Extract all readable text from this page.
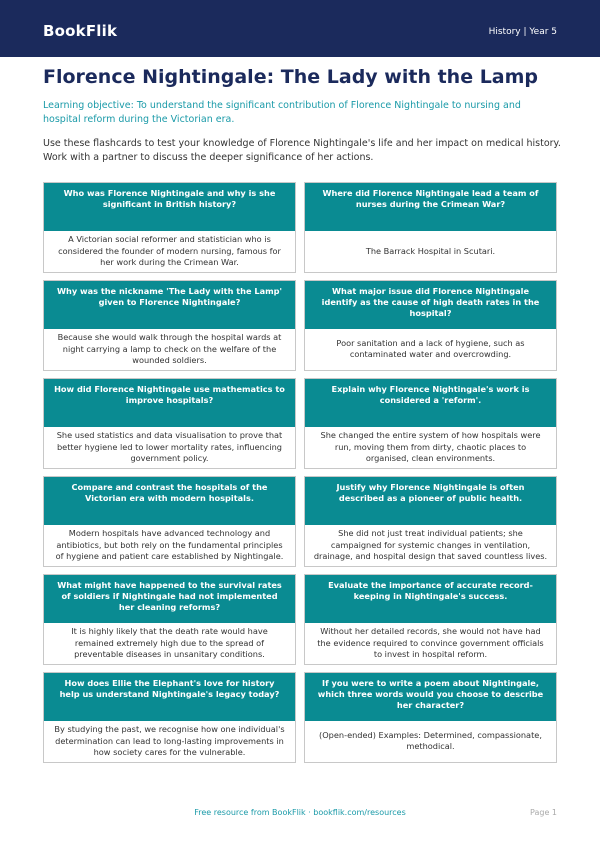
BookFlik	History | Year 5
Florence Nightingale: The Lady with the Lamp
Learning objective: To understand the significant contribution of Florence Nightingale to nursing and hospital reform during the Victorian era.
Use these flashcards to test your knowledge of Florence Nightingale's life and her impact on medical history. Work with a partner to discuss the deeper significance of her actions.
Who was Florence Nightingale and why is she significant in British history?
A Victorian social reformer and statistician who is considered the founder of modern nursing, famous for her work during the Crimean War.
Where did Florence Nightingale lead a team of nurses during the Crimean War?
The Barrack Hospital in Scutari.
Why was the nickname 'The Lady with the Lamp' given to Florence Nightingale?
Because she would walk through the hospital wards at night carrying a lamp to check on the welfare of the wounded soldiers.
What major issue did Florence Nightingale identify as the cause of high death rates in the hospital?
Poor sanitation and a lack of hygiene, such as contaminated water and overcrowding.
How did Florence Nightingale use mathematics to improve hospitals?
She used statistics and data visualisation to prove that better hygiene led to lower mortality rates, influencing government policy.
Explain why Florence Nightingale's work is considered a 'reform'.
She changed the entire system of how hospitals were run, moving them from dirty, chaotic places to organised, clean environments.
Compare and contrast the hospitals of the Victorian era with modern hospitals.
Modern hospitals have advanced technology and antibiotics, but both rely on the fundamental principles of hygiene and patient care established by Nightingale.
Justify why Florence Nightingale is often described as a pioneer of public health.
She did not just treat individual patients; she campaigned for systemic changes in ventilation, drainage, and hospital design that saved countless lives.
What might have happened to the survival rates of soldiers if Nightingale had not implemented her cleaning reforms?
It is highly likely that the death rate would have remained extremely high due to the spread of preventable diseases in unsanitary conditions.
Evaluate the importance of accurate record-keeping in Nightingale's success.
Without her detailed records, she would not have had the evidence required to convince government officials to invest in hospital reform.
How does Ellie the Elephant's love for history help us understand Nightingale's legacy today?
By studying the past, we recognise how one individual's determination can lead to long-lasting improvements in how society cares for the vulnerable.
If you were to write a poem about Nightingale, which three words would you choose to describe her character?
(Open-ended) Examples: Determined, compassionate, methodical.
Free resource from BookFlik · bookflik.com/resources	Page 1
